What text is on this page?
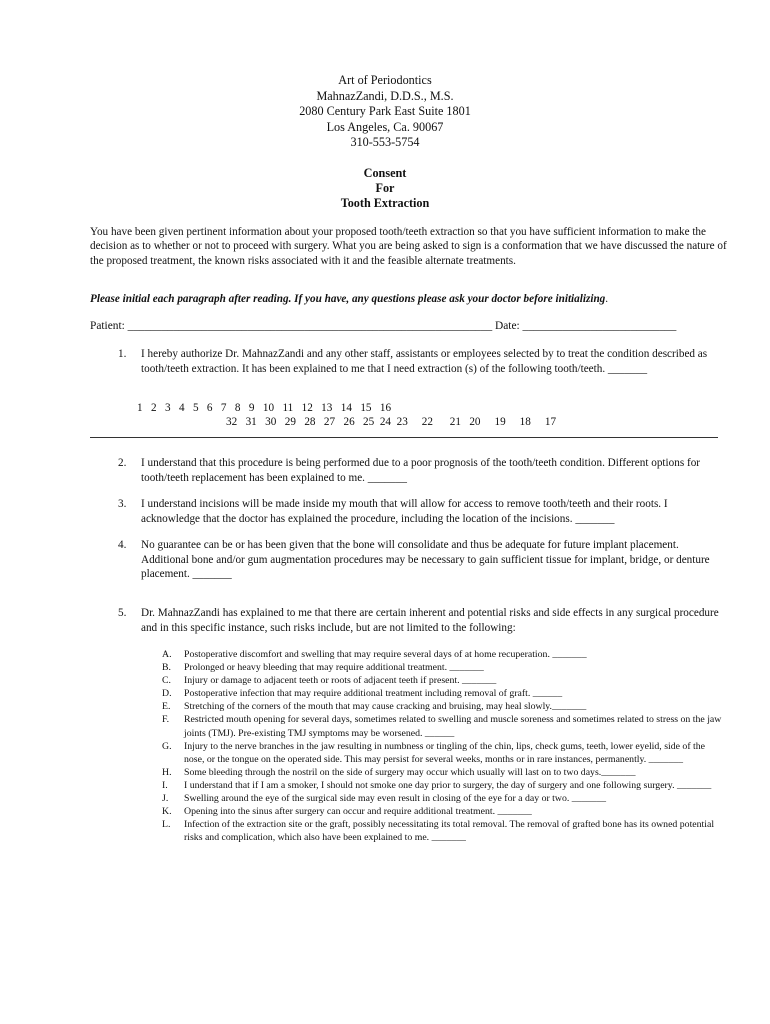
Art of Periodontics
MahnazZandi, D.D.S., M.S.
2080 Century Park East Suite 1801
Los Angeles, Ca. 90067
310-553-5754
Consent
For
Tooth Extraction
You have been given pertinent information about your proposed tooth/teeth extraction so that you have sufficient information to make the decision as to whether or not to proceed with surgery. What you are being asked to sign is a conformation that we have discussed the nature of the proposed treatment, the known risks associated with it and the feasible alternate treatments.
Please initial each paragraph after reading. If you have, any questions please ask your doctor before initializing.
Patient: ________________________________________________________________ Date: ___________________________
1. I hereby authorize Dr. MahnazZandi and any other staff, assistants or employees selected by to treat the condition described as tooth/teeth extraction. It has been explained to me that I need extraction (s) of the following tooth/teeth. _______
1   2   3   4   5   6   7   8   9   10   11   12   13   14   15   16
32   31   30   29   28   27   26   25  24  23     22      21   20     19     18     17
2. I understand that this procedure is being performed due to a poor prognosis of the tooth/teeth condition. Different options for tooth/teeth replacement has been explained to me. _______
3. I understand incisions will be made inside my mouth that will allow for access to remove tooth/teeth and their roots. I acknowledge that the doctor has explained the procedure, including the location of the incisions. _______
4. No guarantee can be or has been given that the bone will consolidate and thus be adequate for future implant placement. Additional bone and/or gum augmentation procedures may be necessary to gain sufficient tissue for implant, bridge, or denture placement. _______
5. Dr. MahnazZandi has explained to me that there are certain inherent and potential risks and side effects in any surgical procedure and in this specific instance, such risks include, but are not limited to the following:
A. Postoperative discomfort and swelling that may require several days of at home recuperation. _______
B. Prolonged or heavy bleeding that may require additional treatment. _______
C. Injury or damage to adjacent teeth or roots of adjacent teeth if present. _______
D. Postoperative infection that may require additional treatment including removal of graft. ______
E. Stretching of the corners of the mouth that may cause cracking and bruising, may heal slowly._______
F. Restricted mouth opening for several days, sometimes related to swelling and muscle soreness and sometimes related to stress on the jaw joints (TMJ). Pre-existing TMJ symptoms may be worsened. ______
G. Injury to the nerve branches in the jaw resulting in numbness or tingling of the chin, lips, check gums, teeth, lower eyelid, side of the nose, or the tongue on the operated side. This may persist for several weeks, months or in rare instances, permanently. _______
H. Some bleeding through the nostril on the side of surgery may occur which usually will last on to two days._______
I. I understand that if I am a smoker, I should not smoke one day prior to surgery, the day of surgery and one following surgery. _______
J. Swelling around the eye of the surgical side may even result in closing of the eye for a day or two. _______
K. Opening into the sinus after surgery can occur and require additional treatment. _______
L. Infection of the extraction site or the graft, possibly necessitating its total removal. The removal of grafted bone has its owned potential risks and complication, which also have been explained to me. _______
